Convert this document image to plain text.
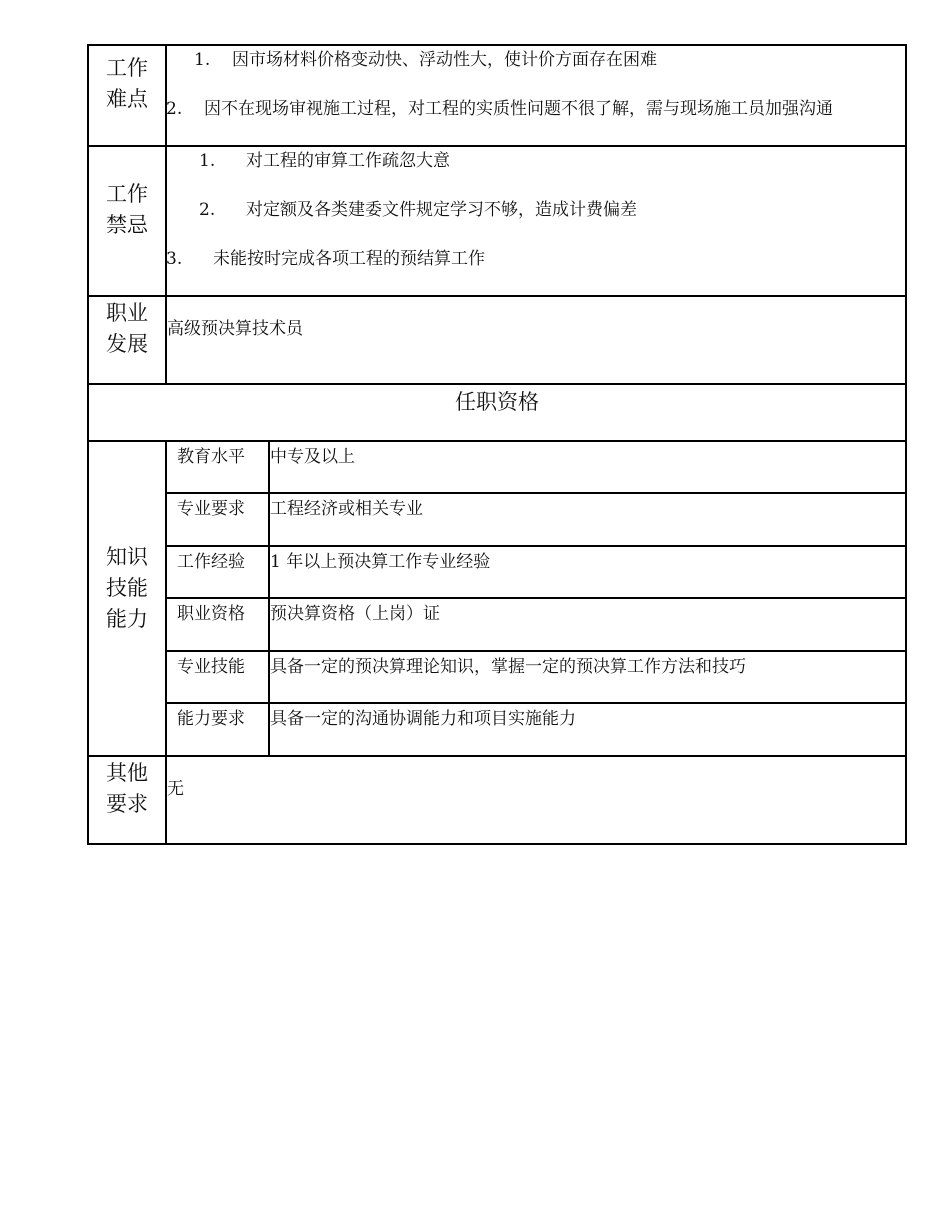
工作
难点
1. 因市场材料价格变动快、浮动性大，使计价方面存在困难
2. 因不在现场审视施工过程，对工程的实质性问题不很了解，需与现场施工员加强沟通
工作
禁忌
1. 对工程的审算工作疏忽大意
2. 对定额及各类建委文件规定学习不够，造成计费偏差
3. 未能按时完成各项工程的预结算工作
职业
发展
高级预决算技术员
任职资格
知识
技能
能力
教育水平 中专及以上
专业要求 工程经济或相关专业
工作经验 1 年以上预决算工作专业经验
职业资格 预决算资格（上岗）证
专业技能 具备一定的预决算理论知识，掌握一定的预决算工作方法和技巧
能力要求 具备一定的沟通协调能力和项目实施能力
其他
要求
无
